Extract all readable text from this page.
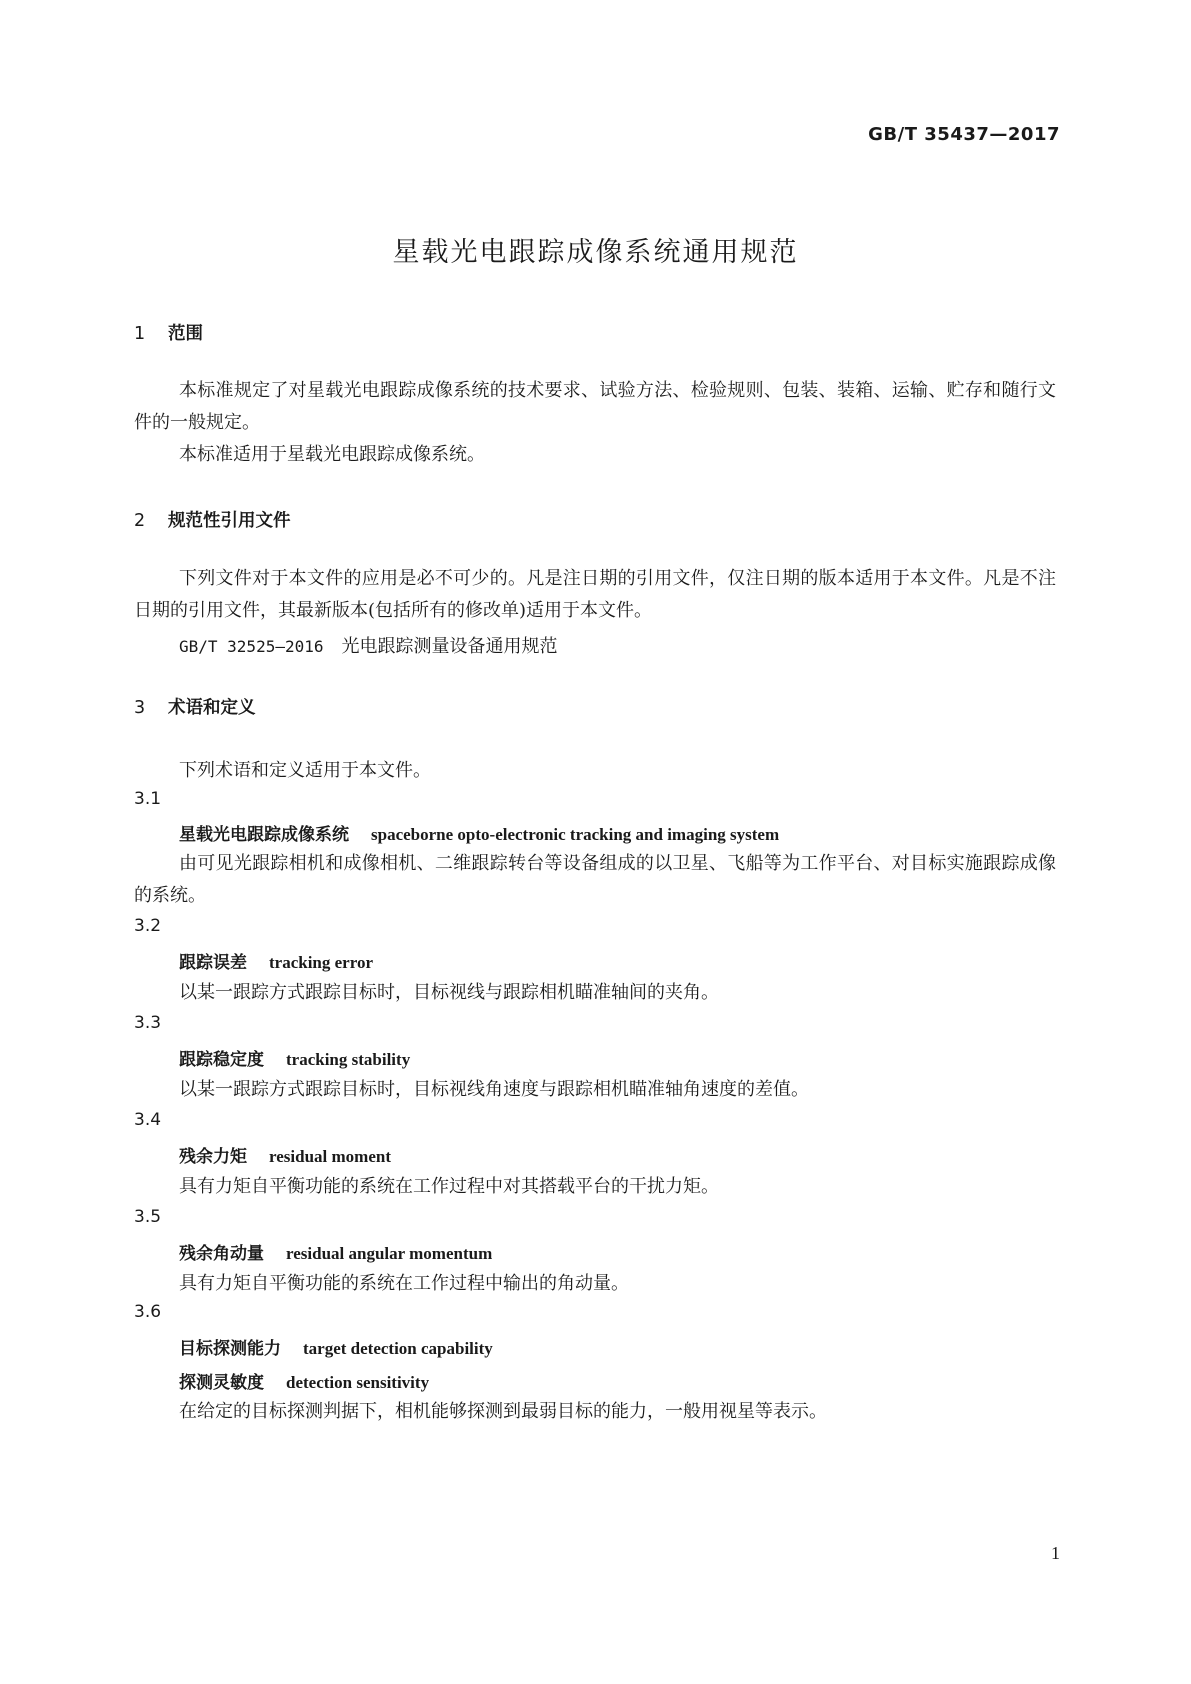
GB/T 35437—2017
星载光电跟踪成像系统通用规范
1 范围
本标准规定了对星载光电跟踪成像系统的技术要求、试验方法、检验规则、包装、装箱、运输、贮存和随行文件的一般规定。
本标准适用于星载光电跟踪成像系统。
2 规范性引用文件
下列文件对于本文件的应用是必不可少的。凡是注日期的引用文件，仅注日期的版本适用于本文件。凡是不注日期的引用文件，其最新版本(包括所有的修改单)适用于本文件。
GB/T 32525—2016 光电跟踪测量设备通用规范
3 术语和定义
下列术语和定义适用于本文件。
3.1
星载光电跟踪成像系统 spaceborne opto-electronic tracking and imaging system
由可见光跟踪相机和成像相机、二维跟踪转台等设备组成的以卫星、飞船等为工作平台、对目标实施跟踪成像的系统。
3.2
跟踪误差 tracking error
以某一跟踪方式跟踪目标时，目标视线与跟踪相机瞄准轴间的夹角。
3.3
跟踪稳定度 tracking stability
以某一跟踪方式跟踪目标时，目标视线角速度与跟踪相机瞄准轴角速度的差值。
3.4
残余力矩 residual moment
具有力矩自平衡功能的系统在工作过程中对其搭载平台的干扰力矩。
3.5
残余角动量 residual angular momentum
具有力矩自平衡功能的系统在工作过程中输出的角动量。
3.6
目标探测能力 target detection capability
探测灵敏度 detection sensitivity
在给定的目标探测判据下，相机能够探测到最弱目标的能力，一般用视星等表示。
1
